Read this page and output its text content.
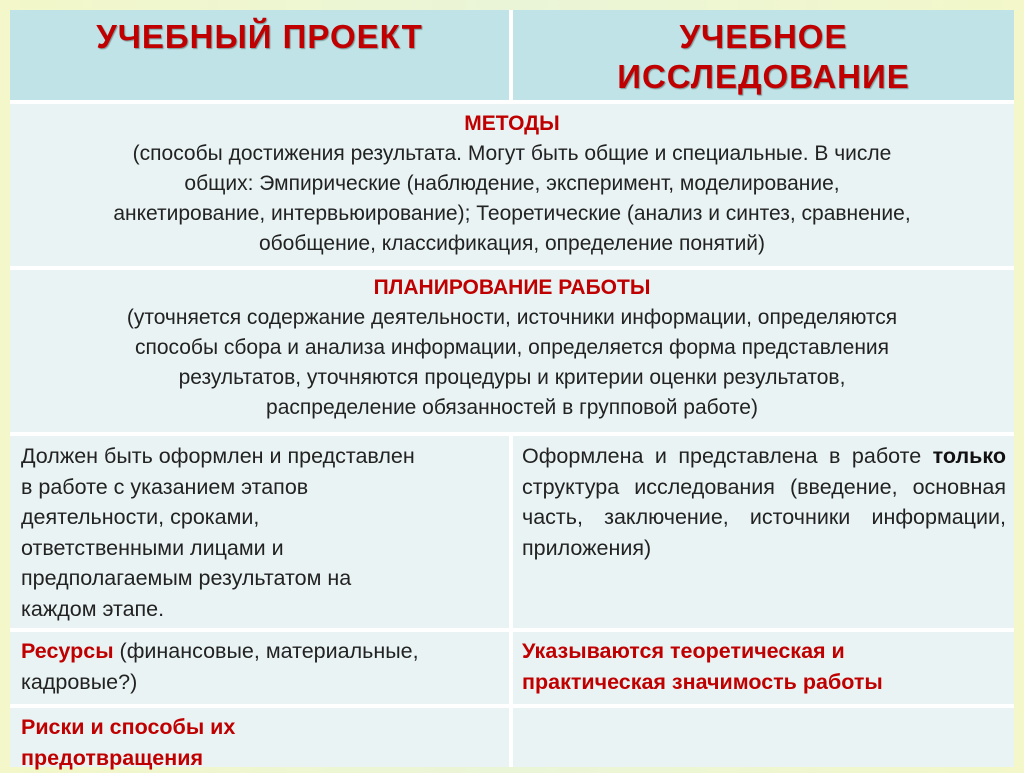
УЧЕБНЫЙ ПРОЕКТ	УЧЕБНОЕ
ИССЛЕДОВАНИЕ
МЕТОДЫ
(способы достижения результата. Могут быть общие и специальные. В числе
общих: Эмпирические (наблюдение, эксперимент, моделирование,
анкетирование, интервьюирование); Теоретические (анализ и синтез, сравнение,
обобщение, классификация, определение понятий)
ПЛАНИРОВАНИЕ РАБОТЫ
(уточняется содержание деятельности, источники информации, определяются
способы сбора и анализа информации, определяется форма представления
результатов, уточняются процедуры и критерии оценки результатов,
распределение обязанностей в групповой работе)
Должен быть оформлен и представлен
в работе с указанием этапов
деятельности, сроками,
ответственными лицами и
предполагаемым результатом на
каждом этапе.
Оформлена и представлена в работе только структура исследования (введение, основная часть, заключение, источники информации, приложения)
Ресурсы (финансовые, материальные,
кадровые?)
Указываются теоретическая и
практическая значимость работы
Риски и способы их
предотвращения
